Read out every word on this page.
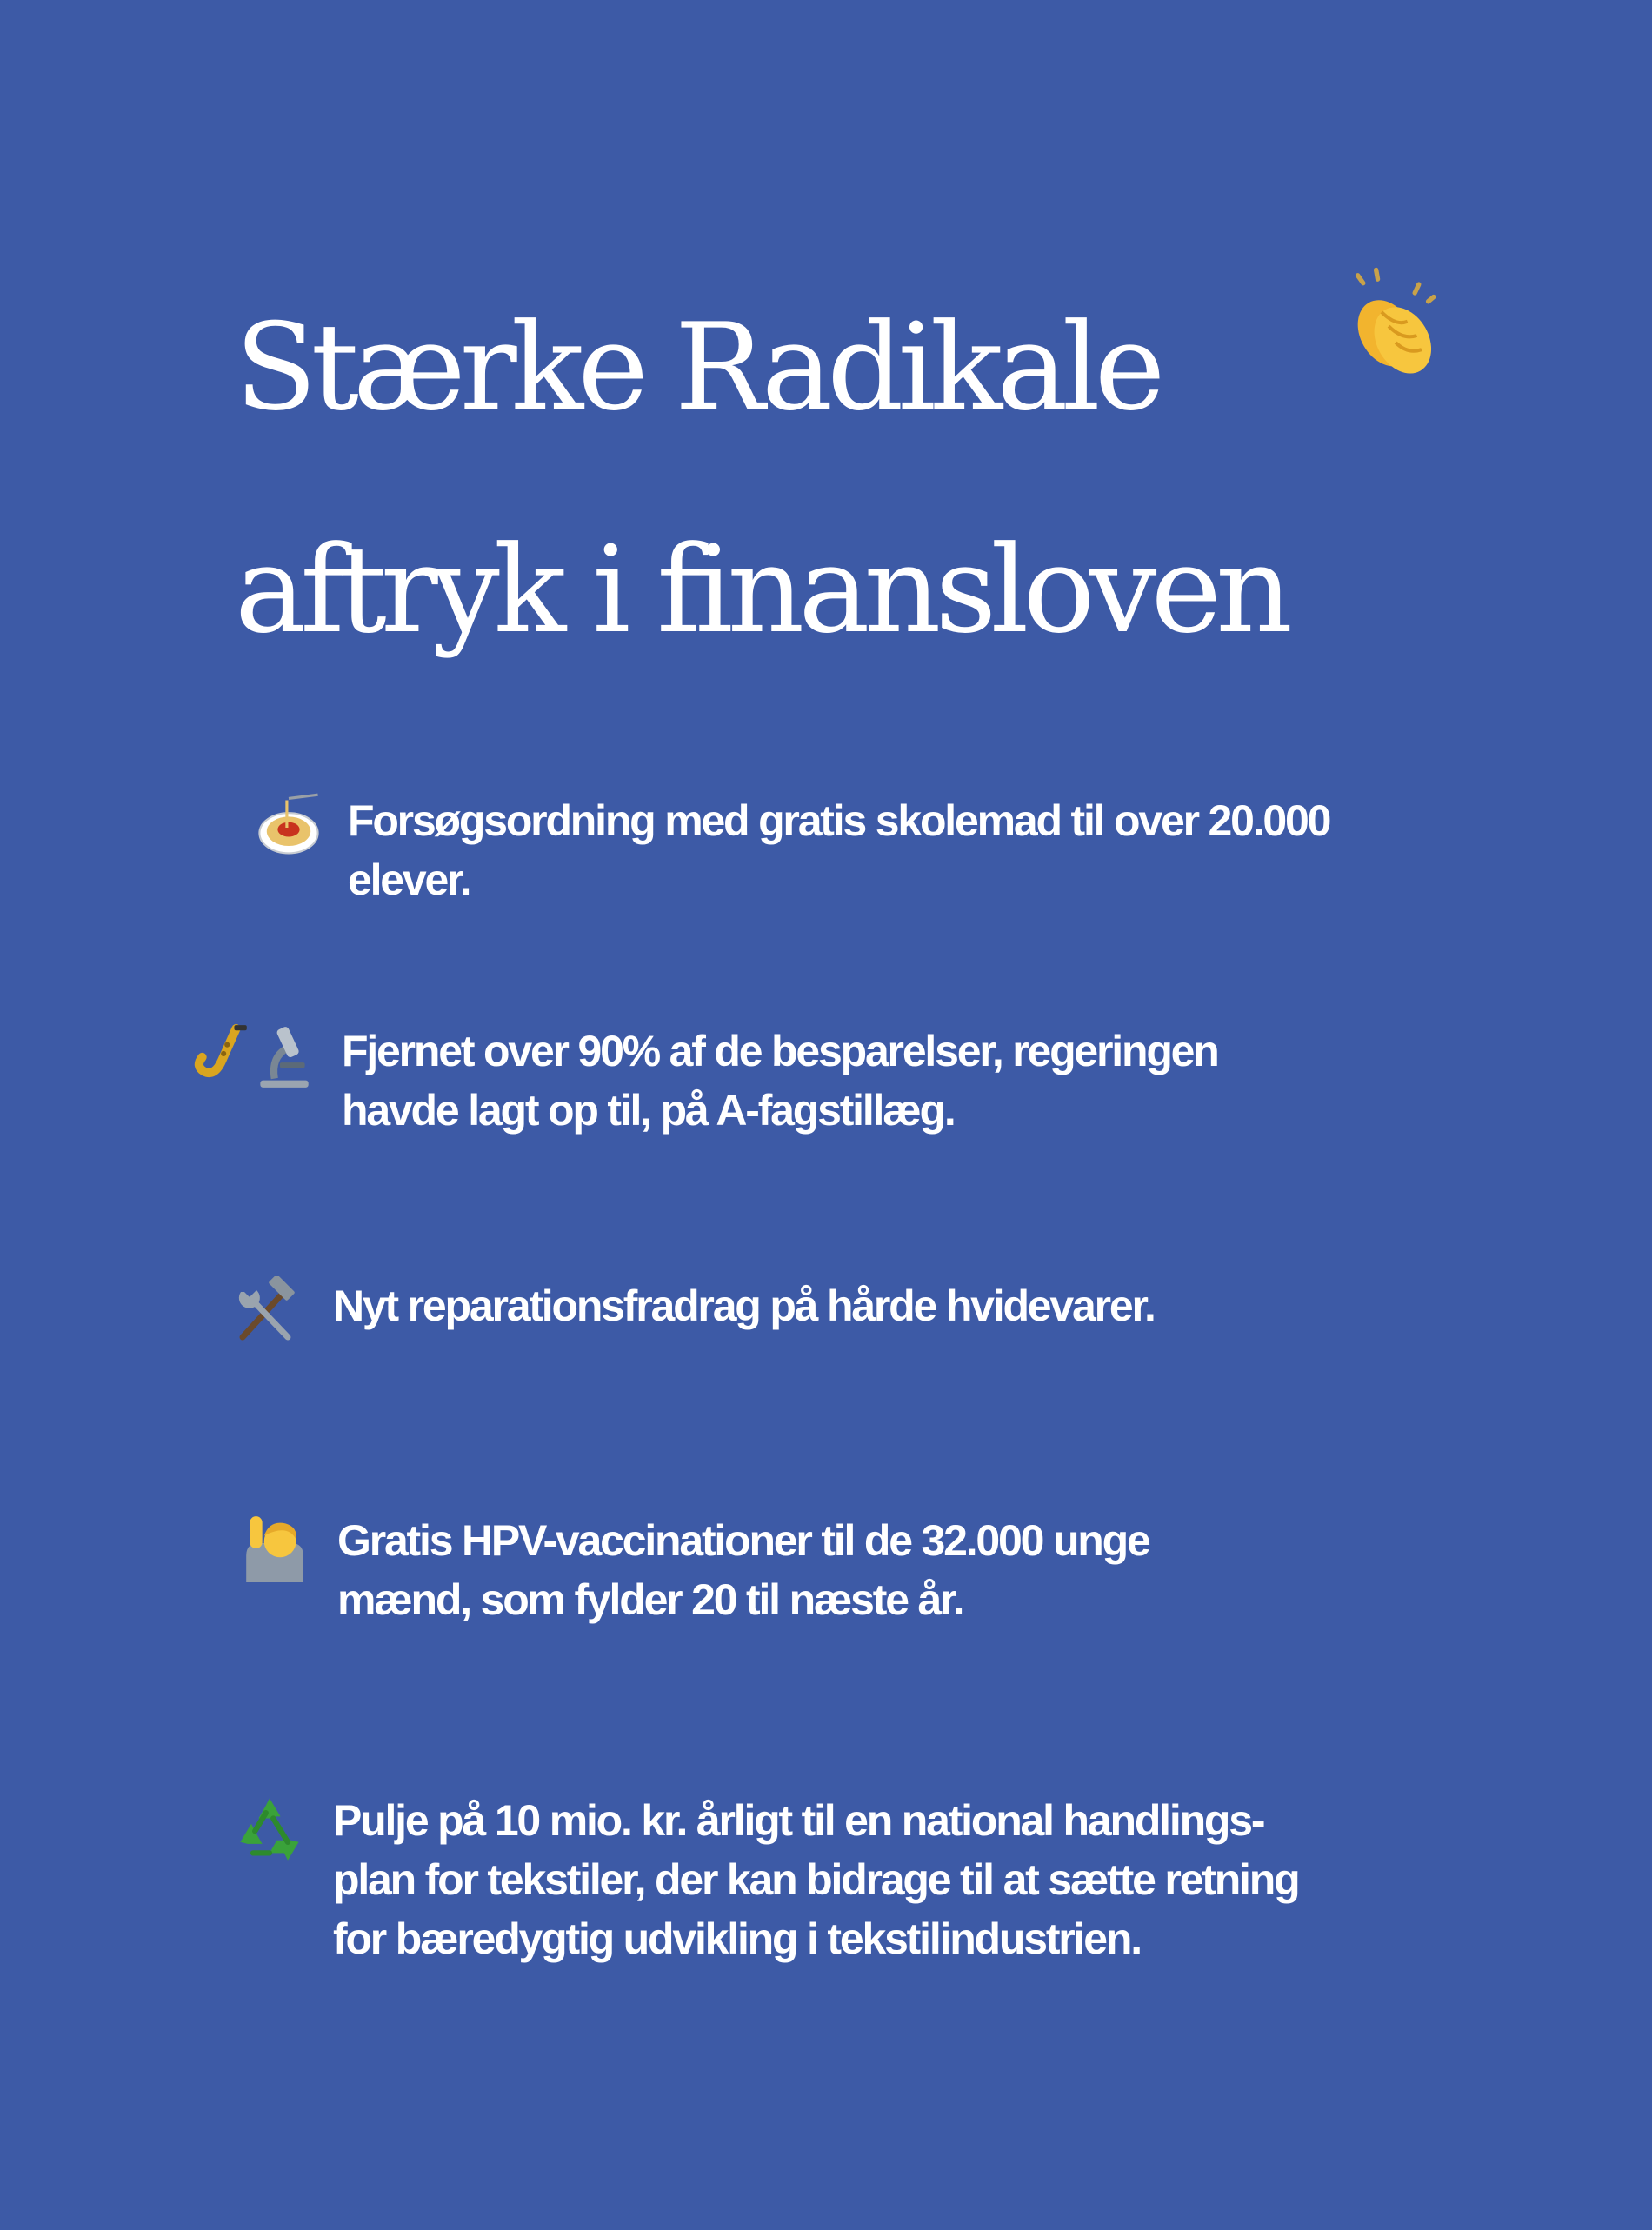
Stærke Radikale
aftryk i finansloven
Forsøgsordning med gratis skolemad til over 20.000
elever.
Fjernet over 90% af de besparelser, regeringen
havde lagt op til, på A-fagstillæg.
Nyt reparationsfradrag på hårde hvidevarer.
Gratis HPV-vaccinationer til de 32.000 unge
mænd, som fylder 20 til næste år.
Pulje på 10 mio. kr. årligt til en national handlings-
plan for tekstiler, der kan bidrage til at sætte retning
for bæredygtig udvikling i tekstilindustrien.
